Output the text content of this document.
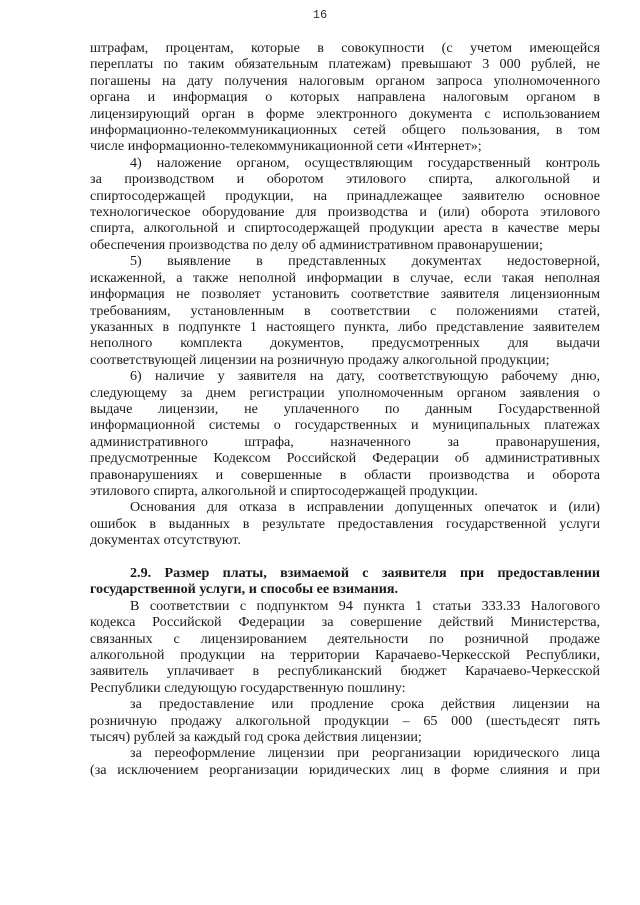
16
штрафам, процентам, которые в совокупности (с учетом имеющейся
переплаты по таким обязательным платежам) превышают 3 000 рублей, не
погашены на дату получения налоговым органом запроса уполномоченного
органа и информация о которых направлена налоговым органом в
лицензирующий орган в форме электронного документа с использованием
информационно-телекоммуникационных сетей общего пользования, в том
числе информационно-телекоммуникационной сети «Интернет»;
4) наложение органом, осуществляющим государственный контроль
за производством и оборотом этилового спирта, алкогольной и
спиртосодержащей продукции, на принадлежащее заявителю основное
технологическое оборудование для производства и (или) оборота этилового
спирта, алкогольной и спиртосодержащей продукции ареста в качестве меры
обеспечения производства по делу об административном правонарушении;
5) выявление в представленных документах недостоверной,
искаженной, а также неполной информации в случае, если такая неполная
информация не позволяет установить соответствие заявителя лицензионным
требованиям, установленным в соответствии с положениями статей,
указанных в подпункте 1 настоящего пункта, либо представление заявителем
неполного комплекта документов, предусмотренных для выдачи
соответствующей лицензии на розничную продажу алкогольной продукции;
6) наличие у заявителя на дату, соответствующую рабочему дню,
следующему за днем регистрации уполномоченным органом заявления о
выдаче лицензии, не уплаченного по данным Государственной
информационной системы о государственных и муниципальных платежах
административного штрафа, назначенного за правонарушения,
предусмотренные Кодексом Российской Федерации об административных
правонарушениях и совершенные в области производства и оборота
этилового спирта, алкогольной и спиртосодержащей продукции.
Основания для отказа в исправлении допущенных опечаток и (или)
ошибок в выданных в результате предоставления государственной услуги
документах отсутствуют.
2.9. Размер платы, взимаемой с заявителя при предоставлении
государственной услуги, и способы ее взимания.
В соответствии с подпунктом 94 пункта 1 статьи 333.33 Налогового
кодекса Российской Федерации за совершение действий Министерства,
связанных с лицензированием деятельности по розничной продаже
алкогольной продукции на территории Карачаево-Черкесской Республики,
заявитель уплачивает в республиканский бюджет Карачаево-Черкесской
Республики следующую государственную пошлину:
за предоставление или продление срока действия лицензии на
розничную продажу алкогольной продукции – 65 000 (шестьдесят пять
тысяч) рублей за каждый год срока действия лицензии;
за переоформление лицензии при реорганизации юридического лица
(за исключением реорганизации юридических лиц в форме слияния и при
